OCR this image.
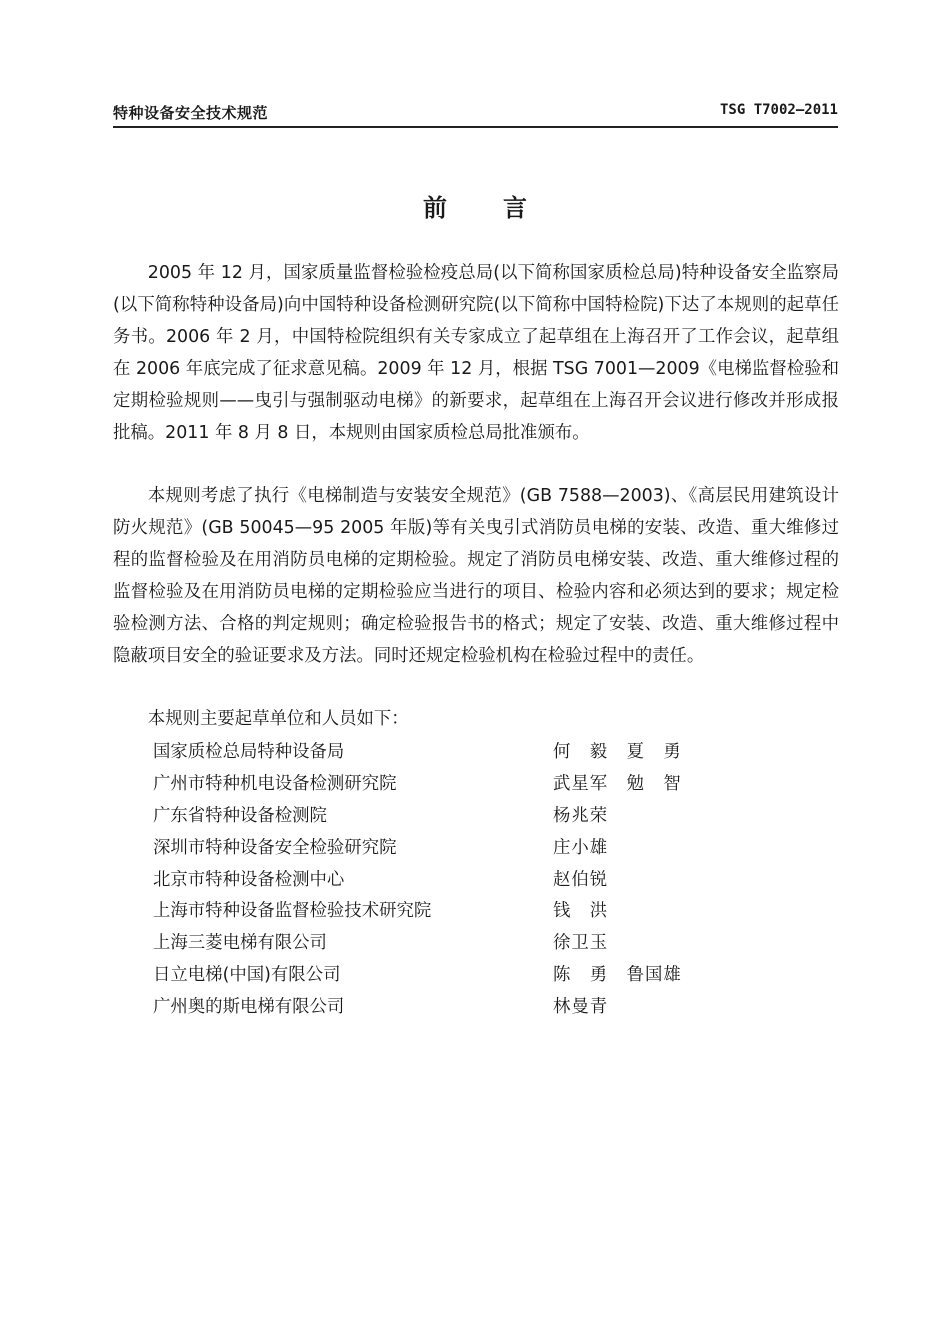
特种设备安全技术规范	TSG T7002—2011
前言

2005 年 12 月，国家质量监督检验检疫总局(以下简称国家质检总局)特种设备安全监察局(以下简称特种设备局)向中国特种设备检测研究院(以下简称中国特检院)下达了本规则的起草任务书。2006 年 2 月，中国特检院组织有关专家成立了起草组在上海召开了工作会议，起草组在 2006 年底完成了征求意见稿。2009 年 12 月，根据 TSG 7001—2009《电梯监督检验和定期检验规则——曳引与强制驱动电梯》的新要求，起草组在上海召开会议进行修改并形成报批稿。2011 年 8 月 8 日，本规则由国家质检总局批准颁布。

本规则考虑了执行《电梯制造与安装安全规范》(GB 7588—2003)、《高层民用建筑设计防火规范》(GB 50045—95 2005 年版)等有关曳引式消防员电梯的安装、改造、重大维修过程的监督检验及在用消防员电梯的定期检验。规定了消防员电梯安装、改造、重大维修过程的监督检验及在用消防员电梯的定期检验应当进行的项目、检验内容和必须达到的要求；规定检验检测方法、合格的判定规则；确定检验报告书的格式；规定了安装、改造、重大维修过程中隐蔽项目安全的验证要求及方法。同时还规定检验机构在检验过程中的责任。

本规则主要起草单位和人员如下：

国家质检总局特种设备局	何　毅　夏　勇
广州市特种机电设备检测研究院	武星军　勉　智
广东省特种设备检测院	杨兆荣
深圳市特种设备安全检验研究院	庄小雄
北京市特种设备检测中心	赵伯锐
上海市特种设备监督检验技术研究院	钱　洪
上海三菱电梯有限公司	徐卫玉
日立电梯(中国)有限公司	陈　勇　鲁国雄
广州奥的斯电梯有限公司	林曼青
